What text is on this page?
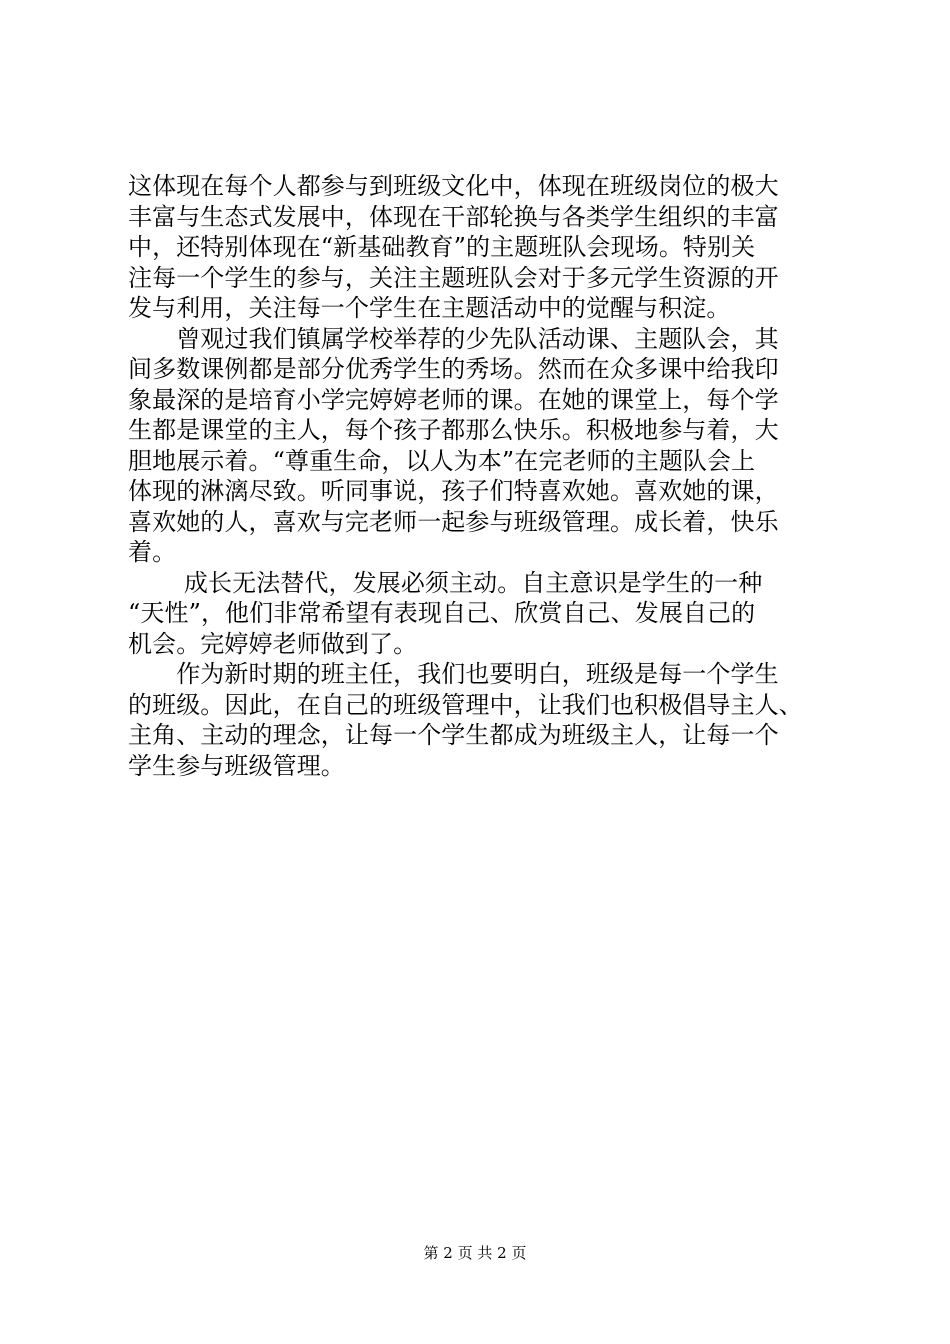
这体现在每个人都参与到班级文化中，体现在班级岗位的极大
丰富与生态式发展中，体现在干部轮换与各类学生组织的丰富
中，还特别体现在“新基础教育”的主题班队会现场。特别关
注每一个学生的参与，关注主题班队会对于多元学生资源的开
发与利用，关注每一个学生在主题活动中的觉醒与积淀。
　　曾观过我们镇属学校举荐的少先队活动课、主题队会，其
间多数课例都是部分优秀学生的秀场。然而在众多课中给我印
象最深的是培育小学完婷婷老师的课。在她的课堂上，每个学
生都是课堂的主人，每个孩子都那么快乐。积极地参与着，大
胆地展示着。“尊重生命，以人为本”在完老师的主题队会上
体现的淋漓尽致。听同事说，孩子们特喜欢她。喜欢她的课，
喜欢她的人，喜欢与完老师一起参与班级管理。成长着，快乐
着。
　　 成长无法替代，发展必须主动。自主意识是学生的一种
“天性”，他们非常希望有表现自己、欣赏自己、发展自己的
机会。完婷婷老师做到了。
　　作为新时期的班主任，我们也要明白，班级是每一个学生
的班级。因此，在自己的班级管理中，让我们也积极倡导主人、
主角、主动的理念，让每一个学生都成为班级主人，让每一个
学生参与班级管理。
第 2 页 共 2 页
